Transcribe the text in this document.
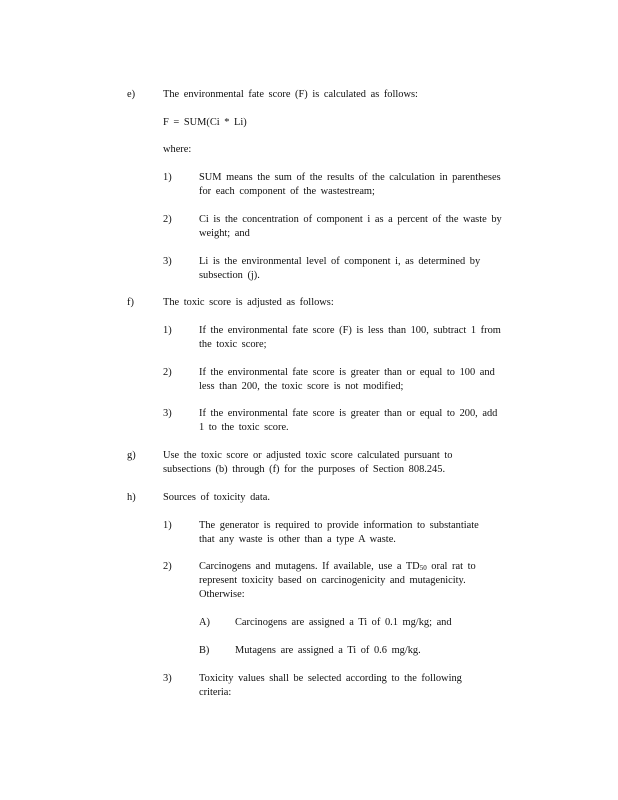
e)	The environmental fate score (F) is calculated as follows:
F = SUM(Ci * Li)
where:
1)	SUM means the sum of the results of the calculation in parentheses
for each component of the wastestream;
2)	Ci is the concentration of component i as a percent of the waste by
weight; and
3)	Li is the environmental level of component i, as determined by
subsection (j).
f)	The toxic score is adjusted as follows:
1)	If the environmental fate score (F) is less than 100, subtract 1 from
the toxic score;
2)	If the environmental fate score is greater than or equal to 100 and
less than 200, the toxic score is not modified;
3)	If the environmental fate score is greater than or equal to 200, add
1 to the toxic score.
g)	Use the toxic score or adjusted toxic score calculated pursuant to
subsections (b) through (f) for the purposes of Section 808.245.
h)	Sources of toxicity data.
1)	The generator is required to provide information to substantiate
that any waste is other than a type A waste.
2)	Carcinogens and mutagens. If available, use a TD50 oral rat to
represent toxicity based on carcinogenicity and mutagenicity.
Otherwise:
A) Carcinogens are assigned a Ti of 0.1 mg/kg; and
B) Mutagens are assigned a Ti of 0.6 mg/kg.
3)	Toxicity values shall be selected according to the following
criteria:
